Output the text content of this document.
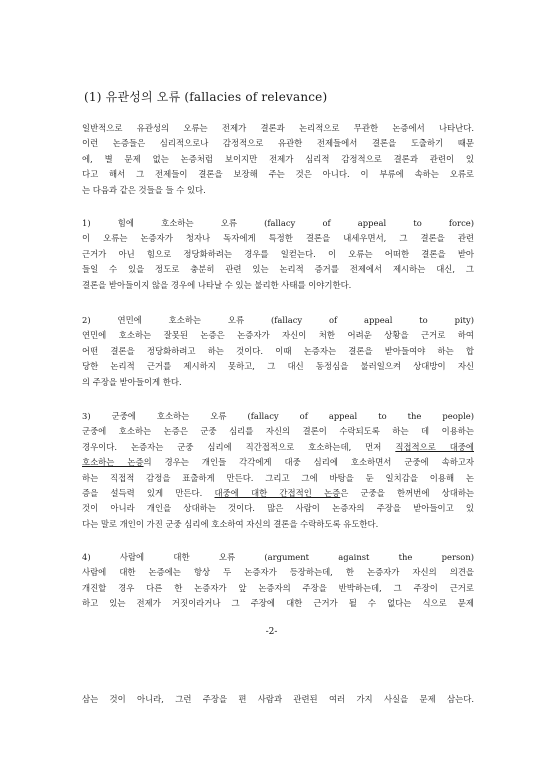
(1) 유관성의 오류 (fallacies of relevance)
일반적으로 유관성의 오류는 전제가 결론과 논리적으로 무관한 논증에서 나타난다.
이런 논증들은 심리적으로나 감정적으로 유관한 전제들에서 결론을 도출하기 때문
에, 별 문제 없는 논증처럼 보이지만 전제가 심리적 감정적으로 결론과 관련이 있
다고 해서 그 전제들이 결론을 보장해 주는 것은 아니다. 이 부류에 속하는 오류로
는 다음과 같은 것들을 들 수 있다.
1) 힘에 호소하는 오류 (fallacy of appeal to force)
이 오류는 논증자가 청자나 독자에게 특정한 결론을 내세우면서, 그 결론을 관련
근거가 아닌 힘으로 정당화하려는 경우를 일컫는다. 이 오류는 어떠한 결론을 받아
들일 수 있을 정도로 충분히 관련 있는 논리적 증거를 전제에서 제시하는 대신, 그
결론을 받아들이지 않을 경우에 나타날 수 있는 불리한 사태를 이야기한다.
2) 연민에 호소하는 오류 (fallacy of appeal to pity)
연민에 호소하는 잘못된 논증은 논증자가 자신이 처한 어려운 상황을 근거로 하여
어떤 결론을 정당화하려고 하는 것이다. 이때 논증자는 결론을 받아들여야 하는 합
당한 논리적 근거를 제시하지 못하고, 그 대신 동정심을 불러일으켜 상대방이 자신
의 주장을 받아들이게 한다.
3) 군중에 호소하는 오류 (fallacy of appeal to the people)
군중에 호소하는 논증은 군중 심리를 자신의 결론이 수락되도록 하는 데 이용하는
경우이다. 논증자는 군중 심리에 직간접적으로 호소하는데, 먼저 직접적으로 대중에
호소하는 논증의 경우는 개인들 각각에게 대중 심리에 호소하면서 군중에 속하고자
하는 직접적 감정을 표출하게 만든다. 그리고 그에 바탕을 둔 일치감을 이용해 논
증을 설득력 있게 만든다. 대중에 대한 간접적인 논증은 군중을 한꺼번에 상대하는
것이 아니라 개인을 상대하는 것이다. 많은 사람이 논증자의 주장을 받아들이고 있
다는 말로 개인이 가진 군중 심리에 호소하여 자신의 결론을 수락하도록 유도한다.
4) 사람에 대한 오류 (argument against the person)
사람에 대한 논증에는 항상 두 논증자가 등장하는데, 한 논증자가 자신의 의견을
개진할 경우 다른 한 논증자가 앞 논증자의 주장을 반박하는데, 그 주장이 근거로
하고 있는 전제가 거짓이라거나 그 주장에 대한 근거가 될 수 없다는 식으로 문제
-2-
삼는 것이 아니라, 그런 주장을 편 사람과 관련된 여러 가지 사실을 문제 삼는다.
